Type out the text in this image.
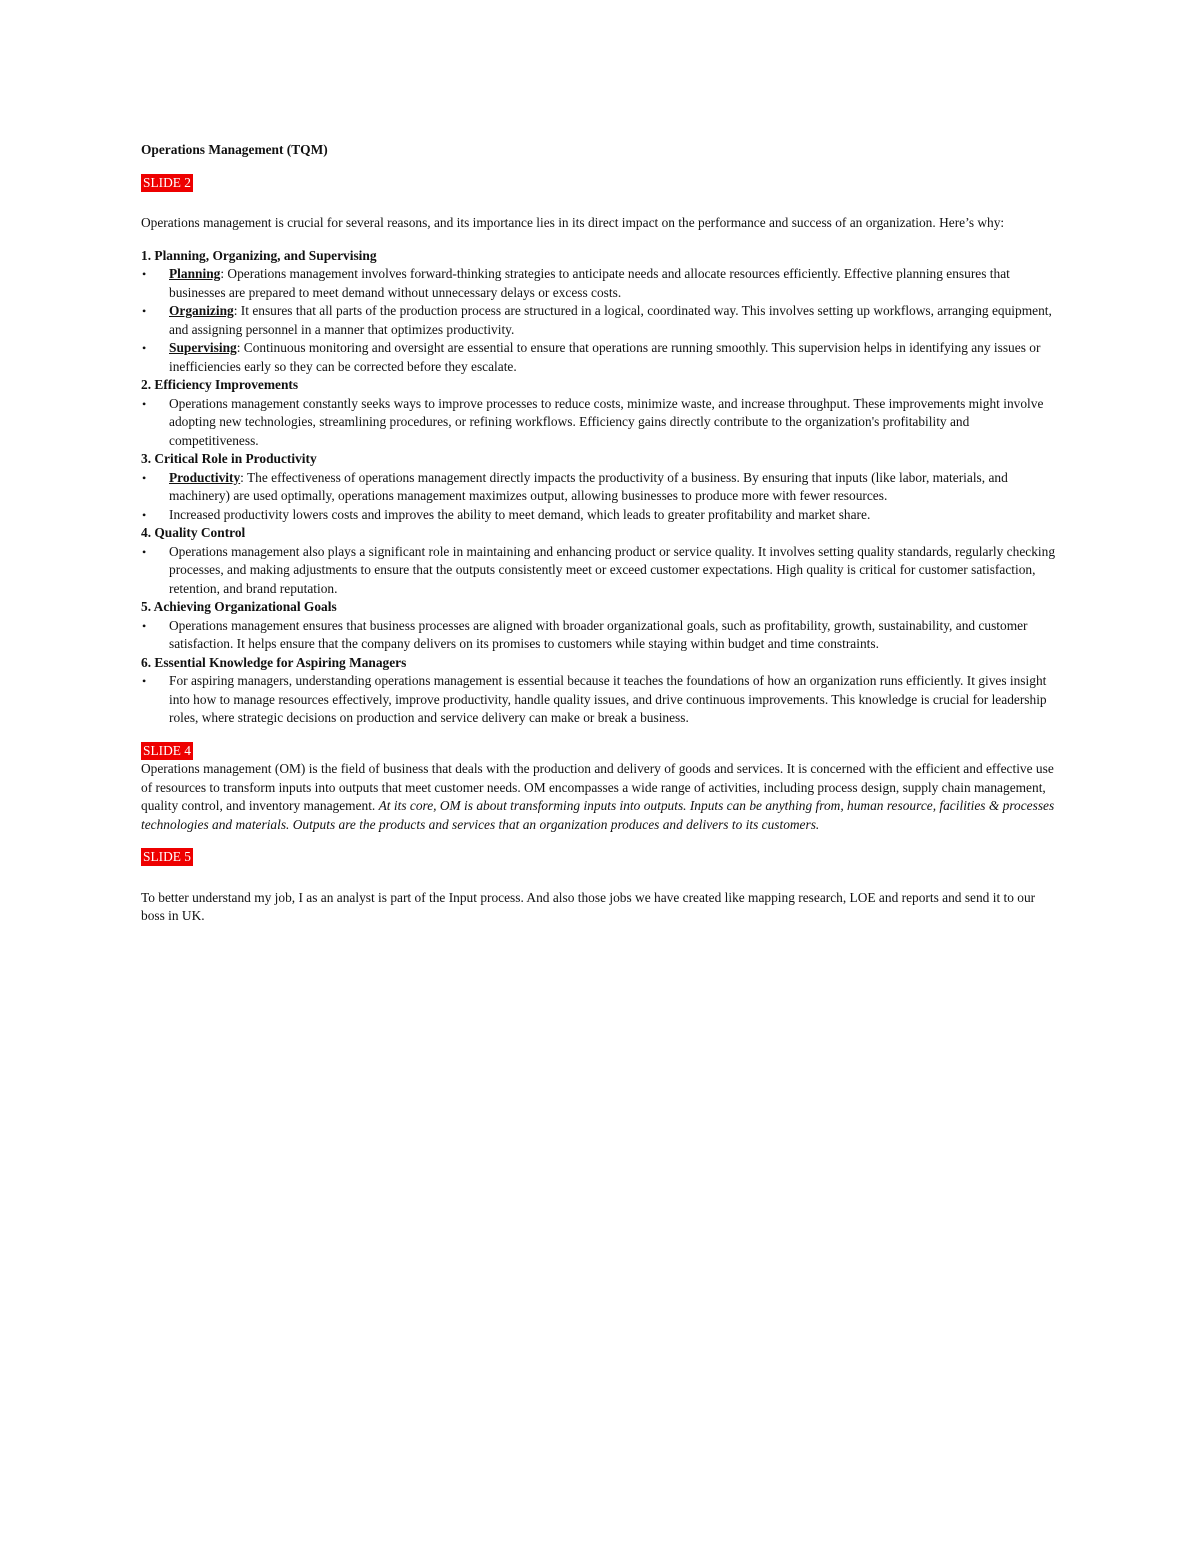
Operations Management (TQM)

SLIDE 2

Operations management is crucial for several reasons, and its importance lies in its direct impact on the performance and success of an organization. Here’s why:

1. Planning, Organizing, and Supervising

• Planning: Operations management involves forward-thinking strategies to anticipate needs and allocate resources efficiently. Effective planning ensures that businesses are prepared to meet demand without unnecessary delays or excess costs.
• Organizing: It ensures that all parts of the production process are structured in a logical, coordinated way. This involves setting up workflows, arranging equipment, and assigning personnel in a manner that optimizes productivity.
• Supervising: Continuous monitoring and oversight are essential to ensure that operations are running smoothly. This supervision helps in identifying any issues or inefficiencies early so they can be corrected before they escalate.

2. Efficiency Improvements

• Operations management constantly seeks ways to improve processes to reduce costs, minimize waste, and increase throughput. These improvements might involve adopting new technologies, streamlining procedures, or refining workflows. Efficiency gains directly contribute to the organization's profitability and competitiveness.

3. Critical Role in Productivity

• Productivity: The effectiveness of operations management directly impacts the productivity of a business. By ensuring that inputs (like labor, materials, and machinery) are used optimally, operations management maximizes output, allowing businesses to produce more with fewer resources.
• Increased productivity lowers costs and improves the ability to meet demand, which leads to greater profitability and market share.

4. Quality Control

• Operations management also plays a significant role in maintaining and enhancing product or service quality. It involves setting quality standards, regularly checking processes, and making adjustments to ensure that the outputs consistently meet or exceed customer expectations. High quality is critical for customer satisfaction, retention, and brand reputation.

5. Achieving Organizational Goals

• Operations management ensures that business processes are aligned with broader organizational goals, such as profitability, growth, sustainability, and customer satisfaction. It helps ensure that the company delivers on its promises to customers while staying within budget and time constraints.

6. Essential Knowledge for Aspiring Managers

• For aspiring managers, understanding operations management is essential because it teaches the foundations of how an organization runs efficiently. It gives insight into how to manage resources effectively, improve productivity, handle quality issues, and drive continuous improvements. This knowledge is crucial for leadership roles, where strategic decisions on production and service delivery can make or break a business.

SLIDE 4

Operations management (OM) is the field of business that deals with the production and delivery of goods and services. It is concerned with the efficient and effective use of resources to transform inputs into outputs that meet customer needs. OM encompasses a wide range of activities, including process design, supply chain management, quality control, and inventory management. At its core, OM is about transforming inputs into outputs. Inputs can be anything from, human resource, facilities & processes technologies and materials. Outputs are the products and services that an organization produces and delivers to its customers.

SLIDE 5

To better understand my job, I as an analyst is part of the Input process. And also those jobs we have created like mapping research, LOE and reports and send it to our boss in UK.
